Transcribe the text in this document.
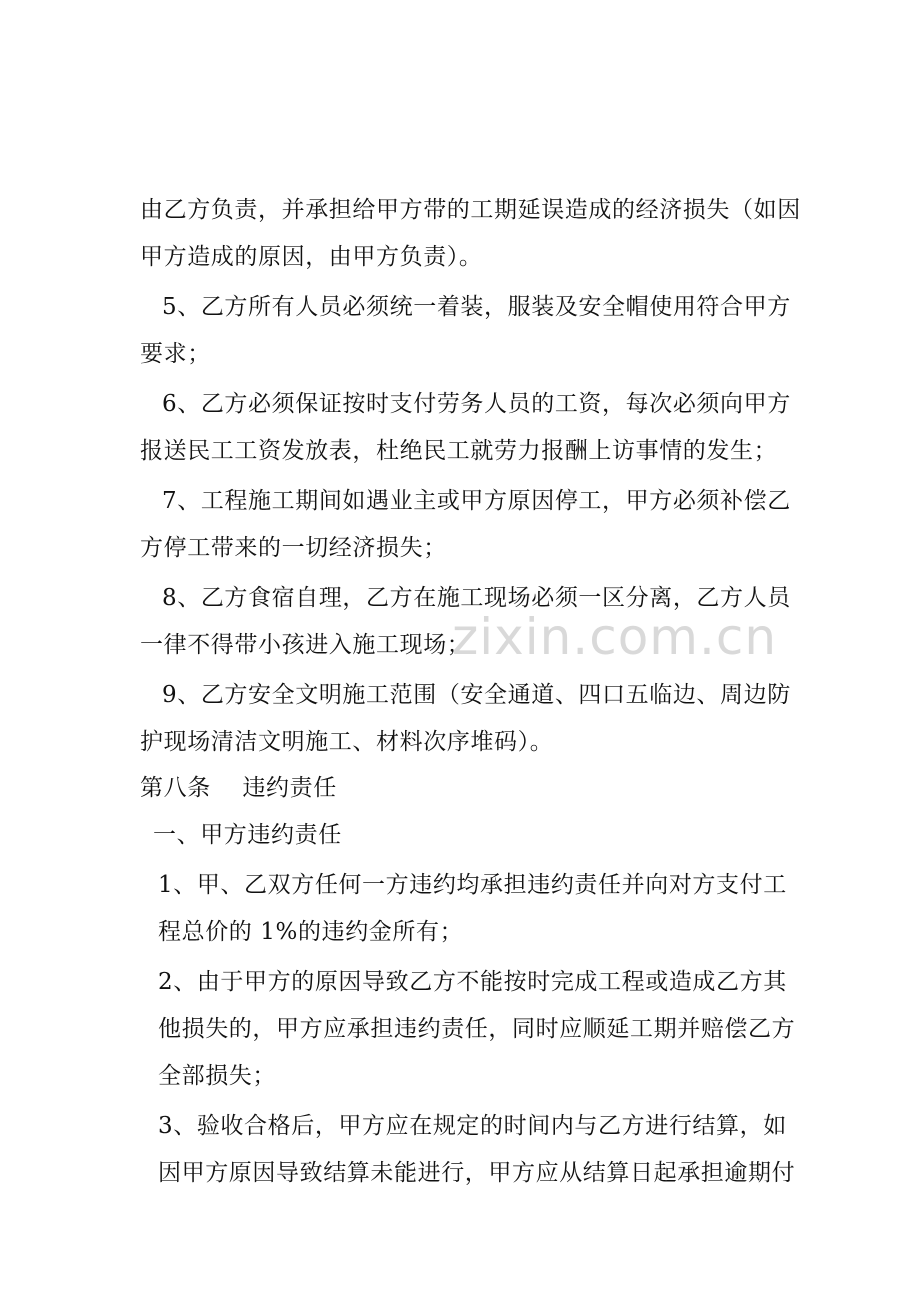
zixin.com.cn
由乙方负责，并承担给甲方带的工期延误造成的经济损失（如因
甲方造成的原因，由甲方负责）。
5、乙方所有人员必须统一着装，服装及安全帽使用符合甲方
要求；
6、乙方必须保证按时支付劳务人员的工资，每次必须向甲方
报送民工工资发放表，杜绝民工就劳力报酬上访事情的发生；
7、工程施工期间如遇业主或甲方原因停工，甲方必须补偿乙
方停工带来的一切经济损失；
8、乙方食宿自理，乙方在施工现场必须一区分离，乙方人员
一律不得带小孩进入施工现场；
9、乙方安全文明施工范围（安全通道、四口五临边、周边防
护现场清洁文明施工、材料次序堆码）。
第八条    违约责任
一、甲方违约责任
1、甲、乙双方任何一方违约均承担违约责任并向对方支付工
程总价的 1%的违约金所有；
2、由于甲方的原因导致乙方不能按时完成工程或造成乙方其
他损失的，甲方应承担违约责任，同时应顺延工期并赔偿乙方
全部损失；
3、验收合格后，甲方应在规定的时间内与乙方进行结算，如
因甲方原因导致结算未能进行，甲方应从结算日起承担逾期付
